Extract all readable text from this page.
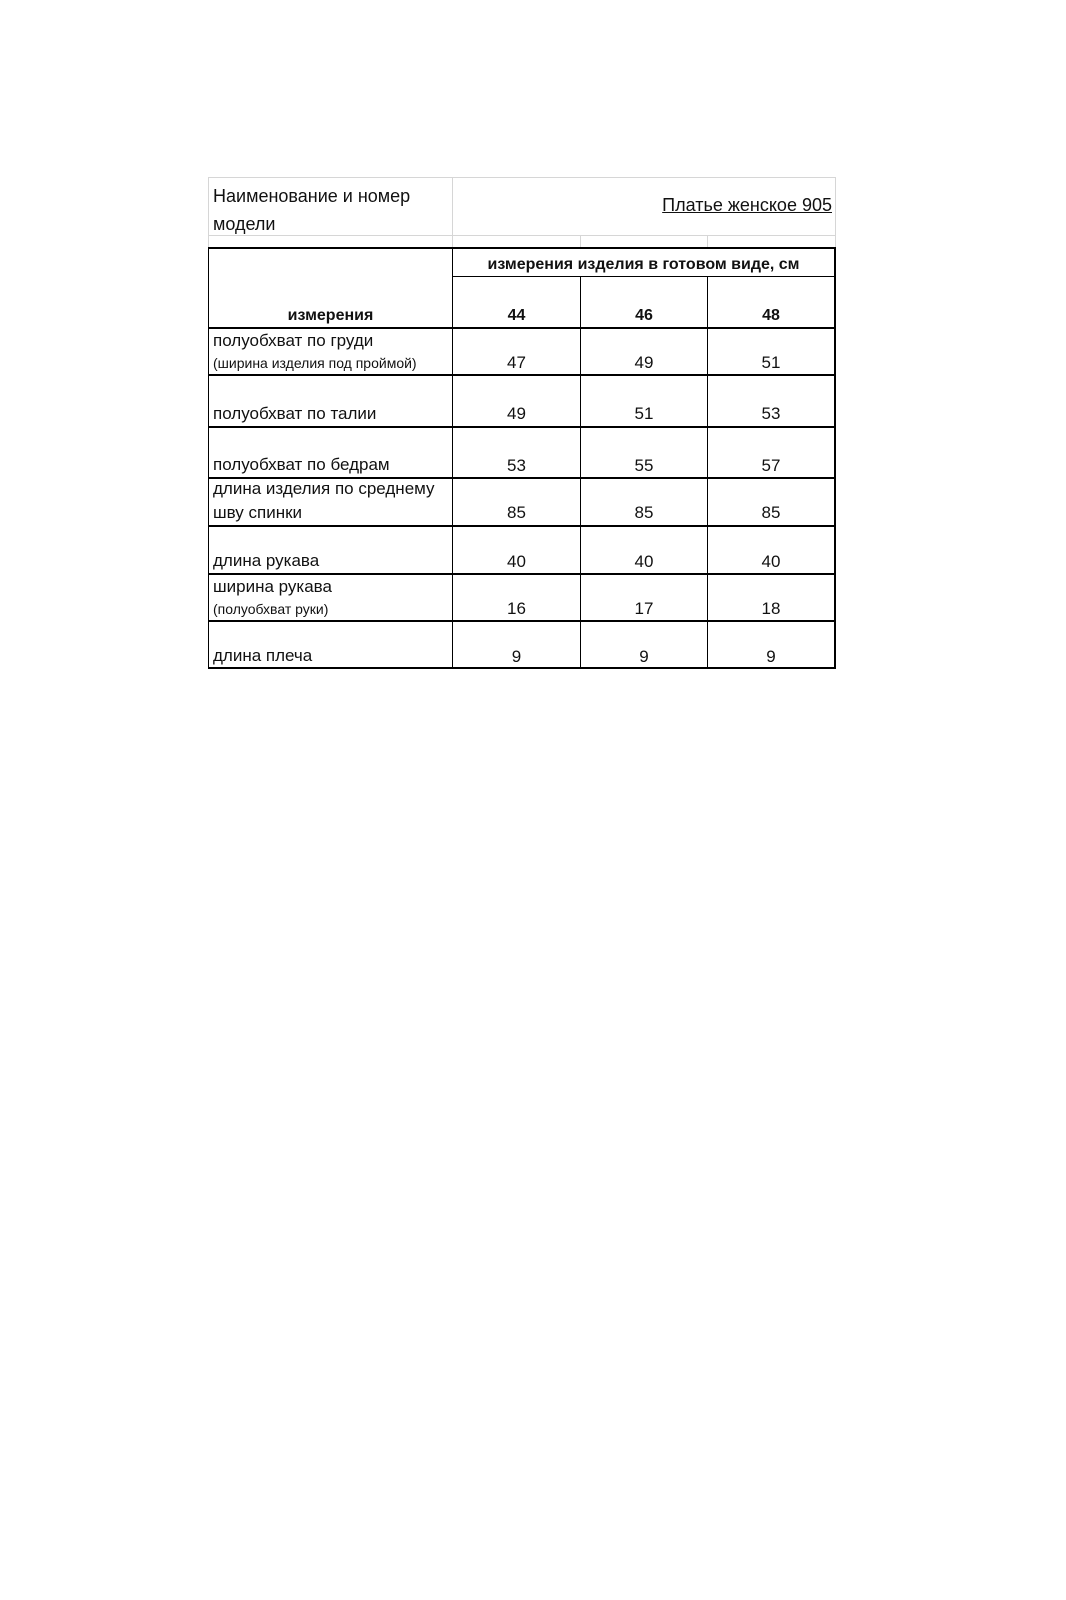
Наименование и номер модели
Платье женское 905
измерения изделия в готовом виде, см
измерения	44	46	48
полуобхват по груди
(ширина изделия под проймой)	47	49	51
полуобхват по талии	49	51	53
полуобхват по бедрам	53	55	57
длина изделия по среднему шву спинки	85	85	85
длина рукава	40	40	40
ширина рукава
(полуобхват руки)	16	17	18
длина плеча	9	9	9
